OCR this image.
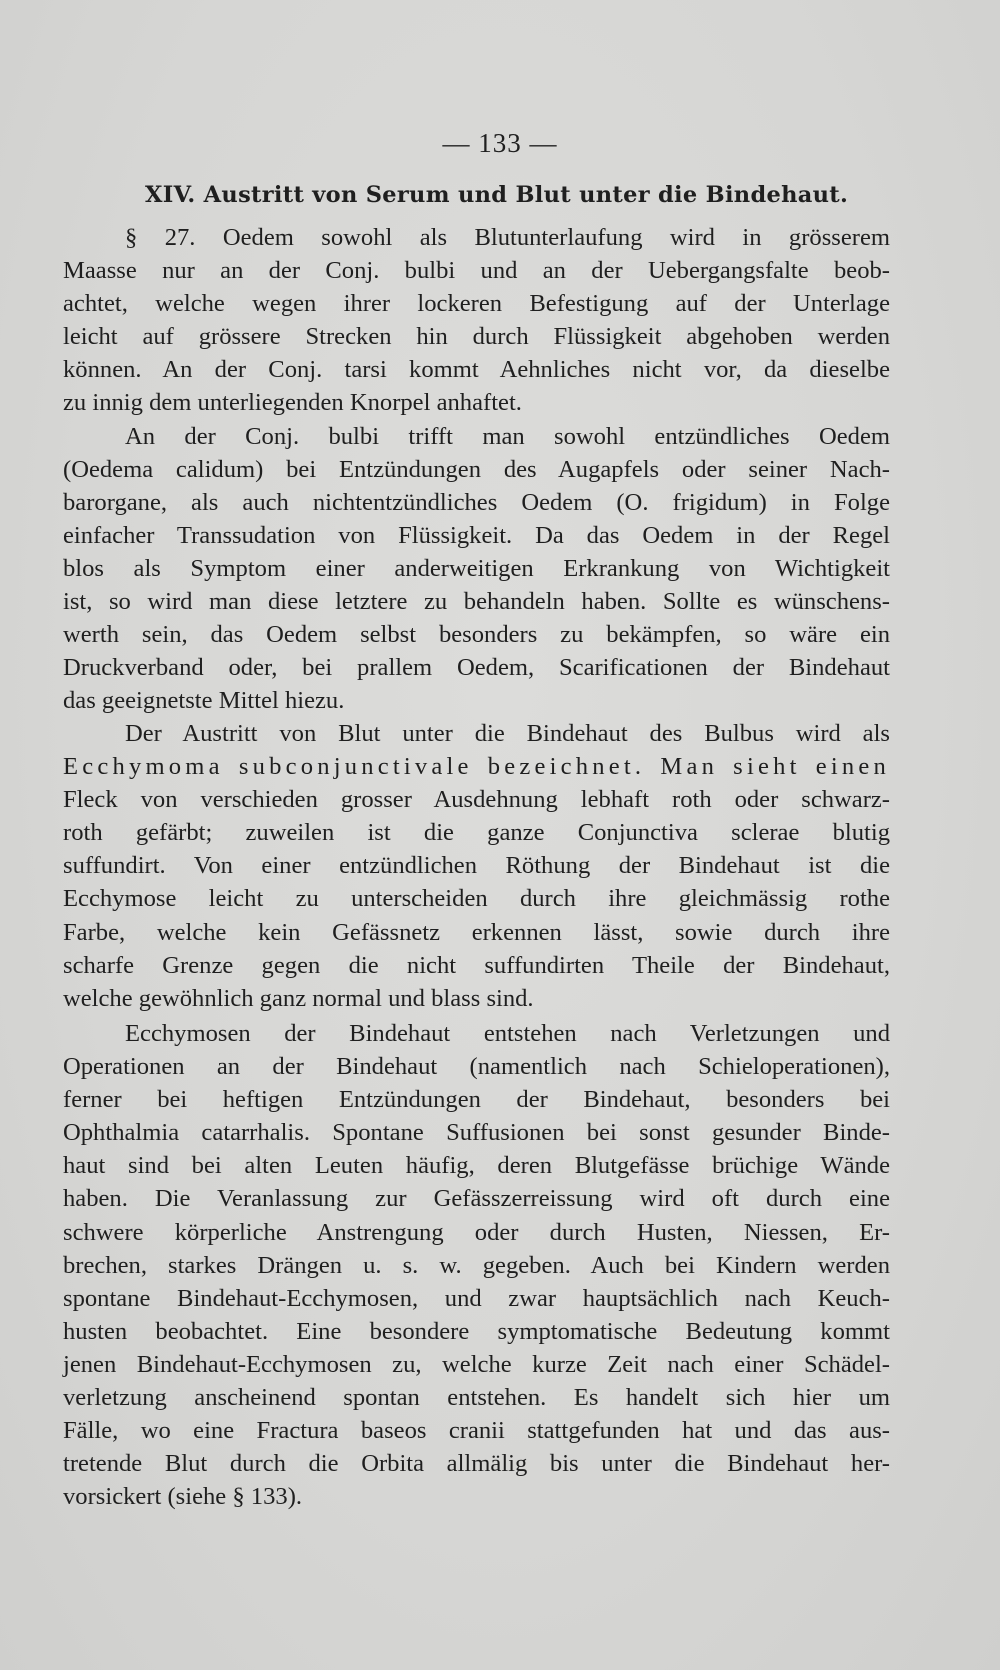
— 133 —
XIV. Austritt von Serum und Blut unter die Bindehaut.
§ 27. Oedem sowohl als Blutunterlaufung wird in grösserem
Maasse nur an der Conj. bulbi und an der Uebergangsfalte beob-
achtet, welche wegen ihrer lockeren Befestigung auf der Unterlage
leicht auf grössere Strecken hin durch Flüssigkeit abgehoben werden
können. An der Conj. tarsi kommt Aehnliches nicht vor, da dieselbe
zu innig dem unterliegenden Knorpel anhaftet.
An der Conj. bulbi trifft man sowohl entzündliches Oedem
(Oedema calidum) bei Entzündungen des Augapfels oder seiner Nach-
barorgane, als auch nichtentzündliches Oedem (O. frigidum) in Folge
einfacher Transsudation von Flüssigkeit. Da das Oedem in der Regel
blos als Symptom einer anderweitigen Erkrankung von Wichtigkeit
ist, so wird man diese letztere zu behandeln haben. Sollte es wünschens-
werth sein, das Oedem selbst besonders zu bekämpfen, so wäre ein
Druckverband oder, bei prallem Oedem, Scarificationen der Bindehaut
das geeignetste Mittel hiezu.
Der Austritt von Blut unter die Bindehaut des Bulbus wird als
Ecchymoma subconjunctivale bezeichnet. Man sieht einen
Fleck von verschieden grosser Ausdehnung lebhaft roth oder schwarz-
roth gefärbt; zuweilen ist die ganze Conjunctiva sclerae blutig
suffundirt. Von einer entzündlichen Röthung der Bindehaut ist die
Ecchymose leicht zu unterscheiden durch ihre gleichmässig rothe
Farbe, welche kein Gefässnetz erkennen lässt, sowie durch ihre
scharfe Grenze gegen die nicht suffundirten Theile der Bindehaut,
welche gewöhnlich ganz normal und blass sind.
Ecchymosen der Bindehaut entstehen nach Verletzungen und
Operationen an der Bindehaut (namentlich nach Schieloperationen),
ferner bei heftigen Entzündungen der Bindehaut, besonders bei
Ophthalmia catarrhalis. Spontane Suffusionen bei sonst gesunder Binde-
haut sind bei alten Leuten häufig, deren Blutgefässe brüchige Wände
haben. Die Veranlassung zur Gefässzerreissung wird oft durch eine
schwere körperliche Anstrengung oder durch Husten, Niessen, Er-
brechen, starkes Drängen u. s. w. gegeben. Auch bei Kindern werden
spontane Bindehaut-Ecchymosen, und zwar hauptsächlich nach Keuch-
husten beobachtet. Eine besondere symptomatische Bedeutung kommt
jenen Bindehaut-Ecchymosen zu, welche kurze Zeit nach einer Schädel-
verletzung anscheinend spontan entstehen. Es handelt sich hier um
Fälle, wo eine Fractura baseos cranii stattgefunden hat und das aus-
tretende Blut durch die Orbita allmälig bis unter die Bindehaut her-
vorsickert (siehe § 133).
